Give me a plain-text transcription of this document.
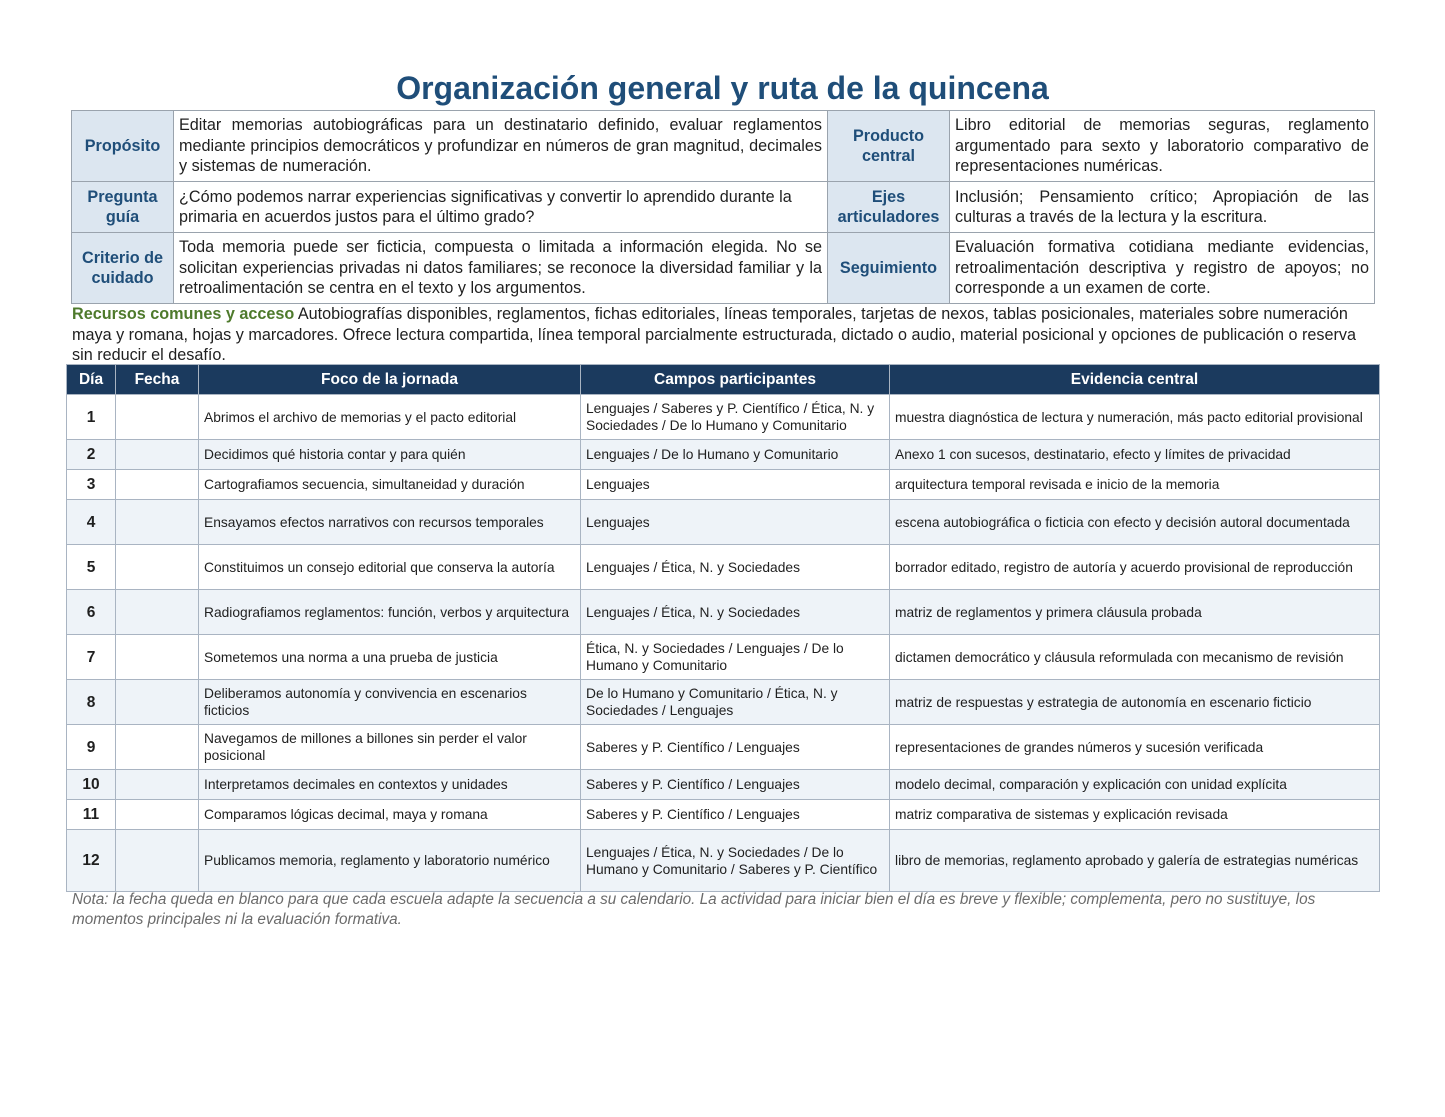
Organización general y ruta de la quincena
Propósito	Editar memorias autobiográficas para un destinatario definido, evaluar reglamentos mediante principios democráticos y profundizar en números de gran magnitud, decimales y sistemas de numeración.	Producto central	Libro editorial de memorias seguras, reglamento argumentado para sexto y laboratorio comparativo de representaciones numéricas.
Pregunta guía	¿Cómo podemos narrar experiencias significativas y convertir lo aprendido durante la primaria en acuerdos justos para el último grado?	Ejes articuladores	Inclusión; Pensamiento crítico; Apropiación de las culturas a través de la lectura y la escritura.
Criterio de cuidado	Toda memoria puede ser ficticia, compuesta o limitada a información elegida. No se solicitan experiencias privadas ni datos familiares; se reconoce la diversidad familiar y la retroalimentación se centra en el texto y los argumentos.	Seguimiento	Evaluación formativa cotidiana mediante evidencias, retroalimentación descriptiva y registro de apoyos; no corresponde a un examen de corte.
Recursos comunes y acceso Autobiografías disponibles, reglamentos, fichas editoriales, líneas temporales, tarjetas de nexos, tablas posicionales, materiales sobre numeración maya y romana, hojas y marcadores. Ofrece lectura compartida, línea temporal parcialmente estructurada, dictado o audio, material posicional y opciones de publicación o reserva sin reducir el desafío.
Día	Fecha	Foco de la jornada	Campos participantes	Evidencia central
1		Abrimos el archivo de memorias y el pacto editorial	Lenguajes / Saberes y P. Científico / Ética, N. y Sociedades / De lo Humano y Comunitario	muestra diagnóstica de lectura y numeración, más pacto editorial provisional
2		Decidimos qué historia contar y para quién	Lenguajes / De lo Humano y Comunitario	Anexo 1 con sucesos, destinatario, efecto y límites de privacidad
3		Cartografiamos secuencia, simultaneidad y duración	Lenguajes	arquitectura temporal revisada e inicio de la memoria
4		Ensayamos efectos narrativos con recursos temporales	Lenguajes	escena autobiográfica o ficticia con efecto y decisión autoral documentada
5		Constituimos un consejo editorial que conserva la autoría	Lenguajes / Ética, N. y Sociedades	borrador editado, registro de autoría y acuerdo provisional de reproducción
6		Radiografiamos reglamentos: función, verbos y arquitectura	Lenguajes / Ética, N. y Sociedades	matriz de reglamentos y primera cláusula probada
7		Sometemos una norma a una prueba de justicia	Ética, N. y Sociedades / Lenguajes / De lo Humano y Comunitario	dictamen democrático y cláusula reformulada con mecanismo de revisión
8		Deliberamos autonomía y convivencia en escenarios ficticios	De lo Humano y Comunitario / Ética, N. y Sociedades / Lenguajes	matriz de respuestas y estrategia de autonomía en escenario ficticio
9		Navegamos de millones a billones sin perder el valor posicional	Saberes y P. Científico / Lenguajes	representaciones de grandes números y sucesión verificada
10		Interpretamos decimales en contextos y unidades	Saberes y P. Científico / Lenguajes	modelo decimal, comparación y explicación con unidad explícita
11		Comparamos lógicas decimal, maya y romana	Saberes y P. Científico / Lenguajes	matriz comparativa de sistemas y explicación revisada
12		Publicamos memoria, reglamento y laboratorio numérico	Lenguajes / Ética, N. y Sociedades / De lo Humano y Comunitario / Saberes y P. Científico	libro de memorias, reglamento aprobado y galería de estrategias numéricas
Nota: la fecha queda en blanco para que cada escuela adapte la secuencia a su calendario. La actividad para iniciar bien el día es breve y flexible; complementa, pero no sustituye, los momentos principales ni la evaluación formativa.
